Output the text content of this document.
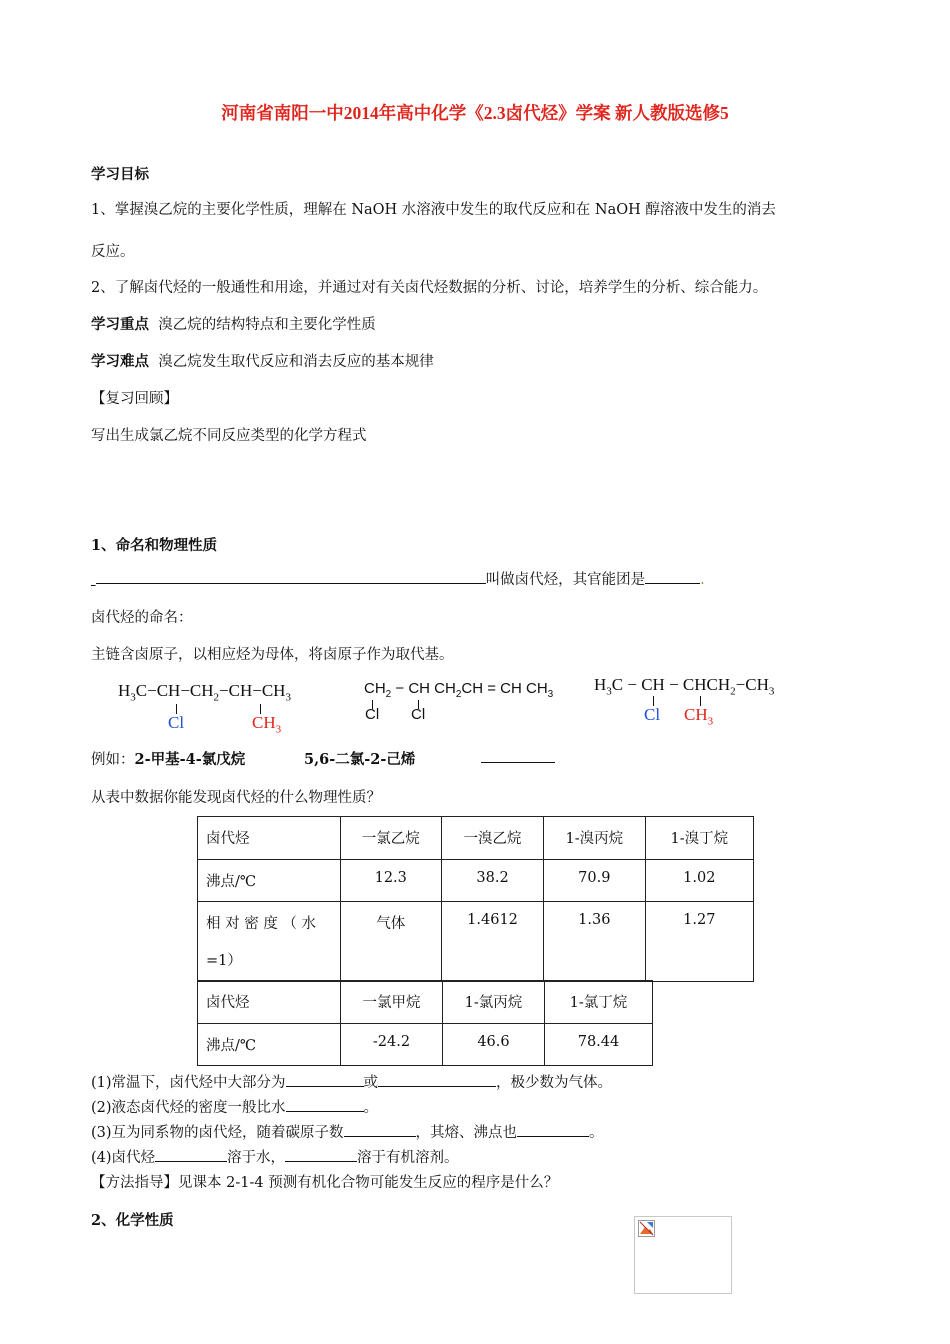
河南省南阳一中2014年高中化学《2.3卤代烃》学案 新人教版选修5
学习目标
1、掌握溴乙烷的主要化学性质，理解在 NaOH 水溶液中发生的取代反应和在 NaOH 醇溶液中发生的消去
反应。
2、了解卤代烃的一般通性和用途，并通过对有关卤代烃数据的分析、讨论，培养学生的分析、综合能力。
学习重点 溴乙烷的结构特点和主要化学性质
学习难点 溴乙烷发生取代反应和消去反应的基本规律
【复习回顾】
写出生成氯乙烷不同反应类型的化学方程式
1、命名和物理性质
叫做卤代烃，其官能团是	.
卤代烃的命名：
主链含卤原子，以相应烃为母体，将卤原子作为取代基。
$H_3C-CH-CH_2-CH-CH_3$
Cl	$CH_3$
$CH_2$ − CH $CH_2CH$ = CH $CH_3$
Cl Cl
$H_3C$ − CH − $CHCH_2-CH_3$
Cl $CH_3$
例如：2-甲基-4-氯戊烷	5,6-二氯-2-己烯
从表中数据你能发现卤代烃的什么物理性质？
卤代烃	一氯乙烷	一溴乙烷	1-溴丙烷	1-溴丁烷
沸点/℃	12.3	38.2	70.9	1.02

相 对 密 度 （ 水
=1）	气体	1.4612	1.36	1.27
卤代烃	一氯甲烷	1-氯丙烷	1-氯丁烷
沸点/℃	-24.2	46.6	78.44
(1)常温下，卤代烃中大部分为	或	，极少数为气体。
(2)液态卤代烃的密度一般比水	。
(3)互为同系物的卤代烃，随着碳原子数	，其熔、沸点也	。
(4)卤代烃	溶于水，	溶于有机溶剂。
【方法指导】见课本 2-1-4 预测有机化合物可能发生反应的程序是什么？
2、化学性质
